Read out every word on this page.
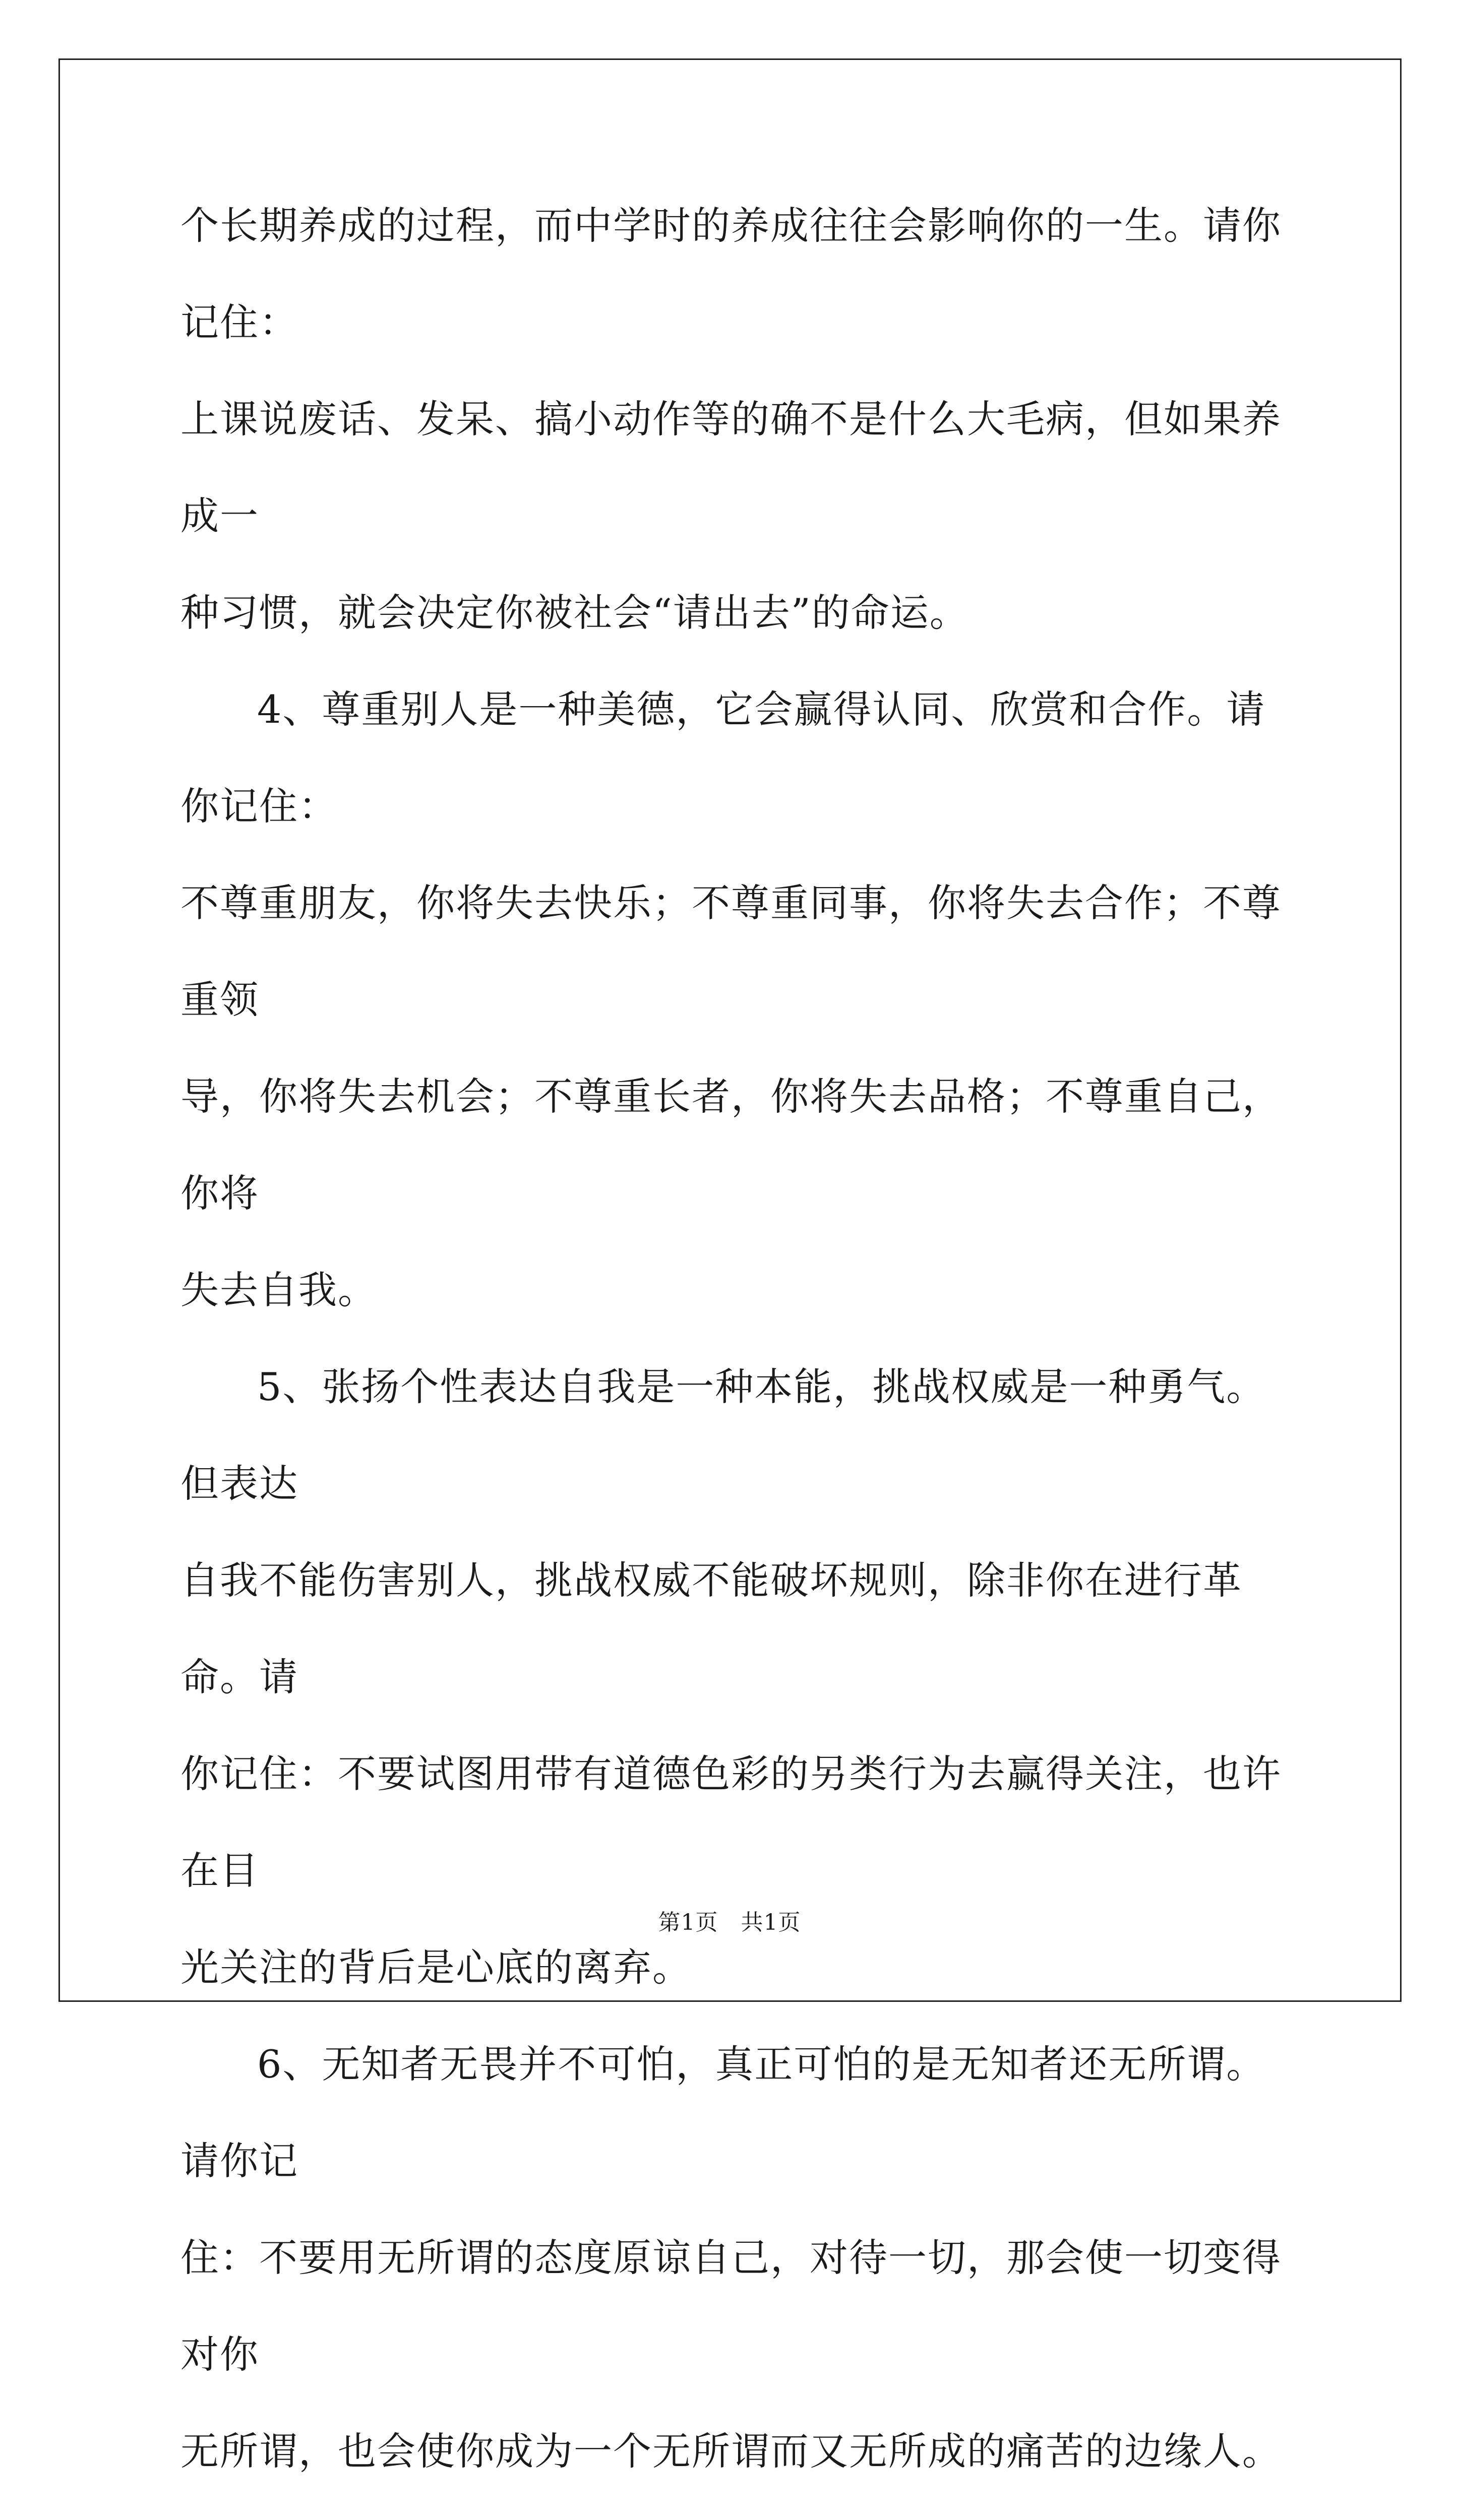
个长期养成的过程，而中学时的养成往往会影响你的一生。请你记住：
上课说废话、发呆、搞小动作等的确不是什么大毛病，但如果养成一
种习惯，就会决定你被社会“请出去”的命运。

4、尊重别人是一种美德，它会赢得认同、欣赏和合作。请你记住：
不尊重朋友，你将失去快乐；不尊重同事，你将失去合作；不尊重领
导，你将失去机会；不尊重长者，你将失去品格；不尊重自己，你将
失去自我。

5、张扬个性表达自我是一种本能，挑战权威是一种勇气。但表达
自我不能伤害别人，挑战权威不能破坏规则，除非你在进行革命。请
你记住：不要试图用带有道德色彩的另类行为去赢得关注，也许在目
光关注的背后是心底的离弃。

6、无知者无畏并不可怕，真正可怕的是无知者还无所谓。请你记
住：不要用无所谓的态度原谅自己，对待一切，那会使一切变得对你
无所谓，也会使你成为一个无所谓而又无所成的痛苦的边缘人。

第1页　共1页
